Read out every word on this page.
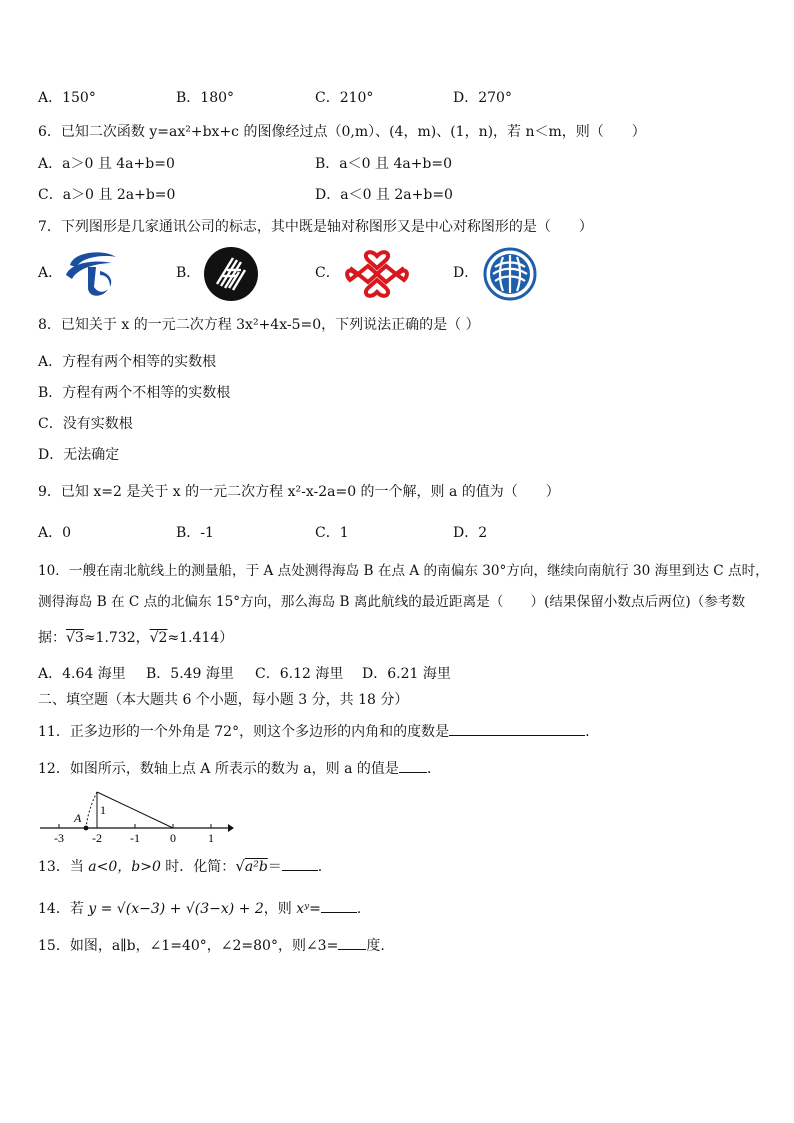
A．150°	B．180°	C．210°	D．270°
6．已知二次函数 y=ax²+bx+c 的图像经过点（0,m）、(4，m)、(1，n)，若 n＜m，则（　　）
A．a＞0 且 4a+b=0	B．a＜0 且 4a+b=0
C．a＞0 且 2a+b=0	D．a＜0 且 2a+b=0
7．下列图形是几家通讯公司的标志，其中既是轴对称图形又是中心对称图形的是（　　）
A．	B．	C．	D．
8．已知关于 x 的一元二次方程 3x²+4x-5=0，下列说法正确的是（ ）
A．方程有两个相等的实数根
B．方程有两个不相等的实数根
C．没有实数根
D．无法确定
9．已知 x=2 是关于 x 的一元二次方程 x²-x-2a=0 的一个解，则 a 的值为（　　）
A．0	B．-1	C．1	D．2
10．一艘在南北航线上的测量船，于 A 点处测得海岛 B 在点 A 的南偏东 30°方向，继续向南航行 30 海里到达 C 点时，
测得海岛 B 在 C 点的北偏东 15°方向，那么海岛 B 离此航线的最近距离是（　　）(结果保留小数点后两位)（参考数
据：√3≈1.732，√2≈1.414）
A．4.64 海里 B．5.49 海里 C．6.12 海里 D．6.21 海里
二、填空题（本大题共 6 个小题，每小题 3 分，共 18 分）
11．正多边形的一个外角是 72°，则这个多边形的内角和的度数是	.
12．如图所示，数轴上点 A 所表示的数为 a，则 a 的值是 .
A
1
-3 -2 -1	0	1
13．当 a<0，b>0 时．化简：√a²b＝	.
14．若 y = √(x−3) + √(3−x) + 2，则 xʸ=	.
15．如图，a∥b，∠1=40°，∠2=80°，则∠3= 度.
